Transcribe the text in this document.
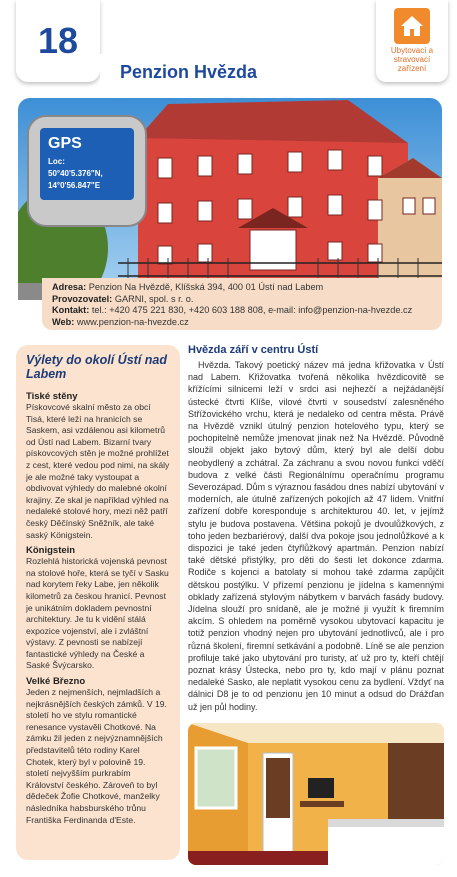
18
Penzion Hvězda
Ubytovací a stravovací zařízení
GPS
Loc:
50°40'5.376"N,
14°0'56.847"E
Adresa: Penzion Na Hvězdě, Klíšská 394, 400 01 Ústí nad Labem
Provozovatel: GARNI, spol. s r. o.
Kontakt: tel.: +420 475 221 830, +420 603 188 808, e-mail: info@penzion-na-hvezde.cz
Web: www.penzion-na-hvezde.cz
Výlety do okolí Ústí nad Labem
Tiské stěny
Pískovcové skalní město za obcí Tisá, které leží na hranicích se Saskem, asi vzdálenou asi kilometrů od Ústí nad Labem. Bizarní tvary pískovcových stěn je možné prohlížet z cest, které vedou pod nimi, na skály je ale možné taky vystoupat a obdivovat výhledy do malebné okolní krajiny. Ze skal je například výhled na nedaleké stolové hory, mezi něž patří český Děčínský Sněžník, ale také saský Königstein.
Königstein
Rozlehlá historická vojenská pevnost na stolové hoře, která se tyčí v Sasku nad korytem řeky Labe, jen několik kilometrů za českou hranicí. Pevnost je unikátním dokladem pevnostní architektury. Je tu k vidění stálá expozice vojenství, ale i zvláštní výstavy. Z pevnosti se nabízejí fantastické výhledy na České a Saské Švýcarsko.
Velké Březno
Jeden z nejmenších, nejmladších a nejkrásnějších českých zámků. V 19. století ho ve stylu romantické renesance vystavěli Chotkové. Na zámku žil jeden z nejvýznamnějších představitelů této rodiny Karel Chotek, který byl v polovině 19. století nejvyšším purkrabím Království českého. Zároveň to byl dědeček Žofie Chotkové, manželky následníka habsburského trůnu Františka Ferdinanda d'Este.
Hvězda září v centru Ústí
Hvězda. Takový poetický název má jedna křižovatka v Ústí nad Labem. Křižovatka tvořená několika hvězdicovitě se křížícími silnicemi leží v srdci asi nejhezčí a nejžádanější ústecké čtvrti Klíše, vilové čtvrti v sousedství zalesněného Střížovického vrchu, která je nedaleko od centra města. Právě na Hvězdě vznikl útulný penzion hotelového typu, který se pochopitelně nemůže jmenovat jinak než Na Hvězdě. Původně sloužil objekt jako bytový dům, který byl ale delší dobu neobydlený a zchátral. Za záchranu a svou novou funkci vděčí budova z velké části Regionálnímu operačnímu programu Severozápad. Dům s výraznou fasádou dnes nabízí ubytování v moderních, ale útulně zařízených pokojích až 47 lidem. Vnitřní zařízení dobře koresponduje s architekturou 40. let, v jejímž stylu je budova postavena. Většina pokojů je dvoulůžkových, z toho jeden bezbariérový, další dva pokoje jsou jednolůžkové a k dispozici je také jeden čtyřlůžkový apartmán. Penzion nabízí také dětské přistýlky, pro děti do šesti let dokonce zdarma. Rodiče s kojenci a batolaty si mohou také zdarma zapůjčit dětskou postýlku. V přízemí penzionu je jídelna s kamennými obklady zařízená stylovým nábytkem v barvách fasády budovy. Jídelna slouží pro snídaně, ale je možné ji využít k firemním akcím. S ohledem na poměrně vysokou ubytovací kapacitu je totiž penzion vhodný nejen pro ubytování jednotlivců, ale i pro různá školení, firemní setkávání a podobně. Líně se ale penzion profiluje také jako ubytování pro turisty, ať už pro ty, kteří chtějí poznat krásy Ústecka, nebo pro ty, kdo mají v plánu poznat nedaleké Sasko, ale neplatit vysokou cenu za bydlení. Vždyť na dálnici D8 je to od penzionu jen 10 minut a odsud do Drážďan už jen půl hodiny.
